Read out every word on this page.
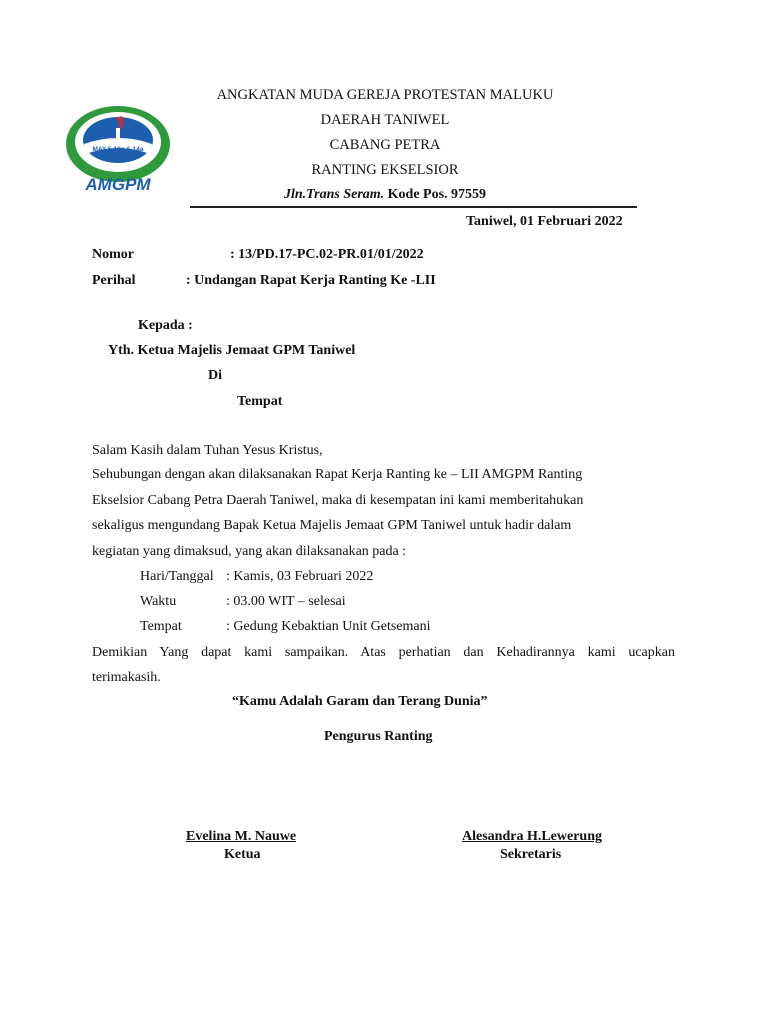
MAY 5 13a & 14a
AMGPM
ANGKATAN MUDA GEREJA PROTESTAN MALUKU
DAERAH TANIWEL
CABANG PETRA
RANTING EKSELSIOR
Jln.Trans Seram. Kode Pos. 97559
Taniwel, 01 Februari 2022
Nomor	: 13/PD.17-PC.02-PR.01/01/2022
Perihal	: Undangan Rapat Kerja Ranting Ke -LII
Kepada :
Yth. Ketua Majelis Jemaat GPM Taniwel
Di
Tempat
Salam Kasih dalam Tuhan Yesus Kristus,
Sehubungan dengan akan dilaksanakan Rapat Kerja Ranting ke – LII AMGPM Ranting
Ekselsior Cabang Petra Daerah Taniwel, maka di kesempatan ini kami memberitahukan
sekaligus mengundang Bapak Ketua Majelis Jemaat GPM Taniwel untuk hadir dalam
kegiatan yang dimaksud, yang akan dilaksanakan pada :
Hari/Tanggal : Kamis, 03 Februari 2022
Waktu	: 03.00 WIT – selesai
Tempat	: Gedung Kebaktian Unit Getsemani
Demikian Yang dapat kami sampaikan. Atas perhatian dan Kehadirannya kami ucapkan
terimakasih.
“Kamu Adalah Garam dan Terang Dunia”
Pengurus Ranting
Evelina M. Nauwe
Ketua
Alesandra H.Lewerung
Sekretaris
